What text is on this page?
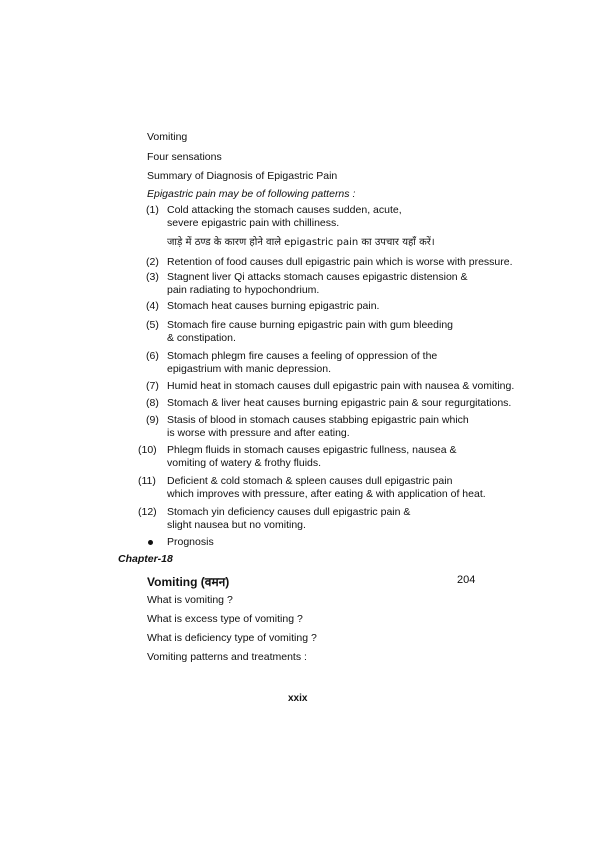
Vomiting
Four sensations
Summary of Diagnosis of Epigastric Pain
Epigastric pain may be of following patterns :
(1) Cold attacking the stomach causes sudden, acute,
severe epigastric pain with chilliness.
जाड़े में ठण्ड के कारण होने वाले epigastric pain का उपचार यहाँ करें।
(2) Retention of food causes dull epigastric pain which is worse with pressure.
(3) Stagnent liver Qi attacks stomach causes epigastric distension &
pain radiating to hypochondrium.
(4) Stomach heat causes burning epigastric pain.
(5) Stomach fire cause burning epigastric pain with gum bleeding
& constipation.
(6) Stomach phlegm fire causes a feeling of oppression of the
epigastrium with manic depression.
(7) Humid heat in stomach causes dull epigastric pain with nausea & vomiting.
(8) Stomach & liver heat causes burning epigastric pain & sour regurgitations.
(9) Stasis of blood in stomach causes stabbing epigastric pain which
is worse with pressure and after eating.
(10) Phlegm fluids in stomach causes epigastric fullness, nausea &
vomiting of watery & frothy fluids.
(11) Deficient & cold stomach & spleen causes dull epigastric pain
which improves with pressure, after eating & with application of heat.
(12) Stomach yin deficiency causes dull epigastric pain &
slight nausea but no vomiting.
Prognosis
Chapter-18
Vomiting (वमन)	204
What is vomiting ?
What is excess type of vomiting ?
What is deficiency type of vomiting ?
Vomiting patterns and treatments :
xxix
